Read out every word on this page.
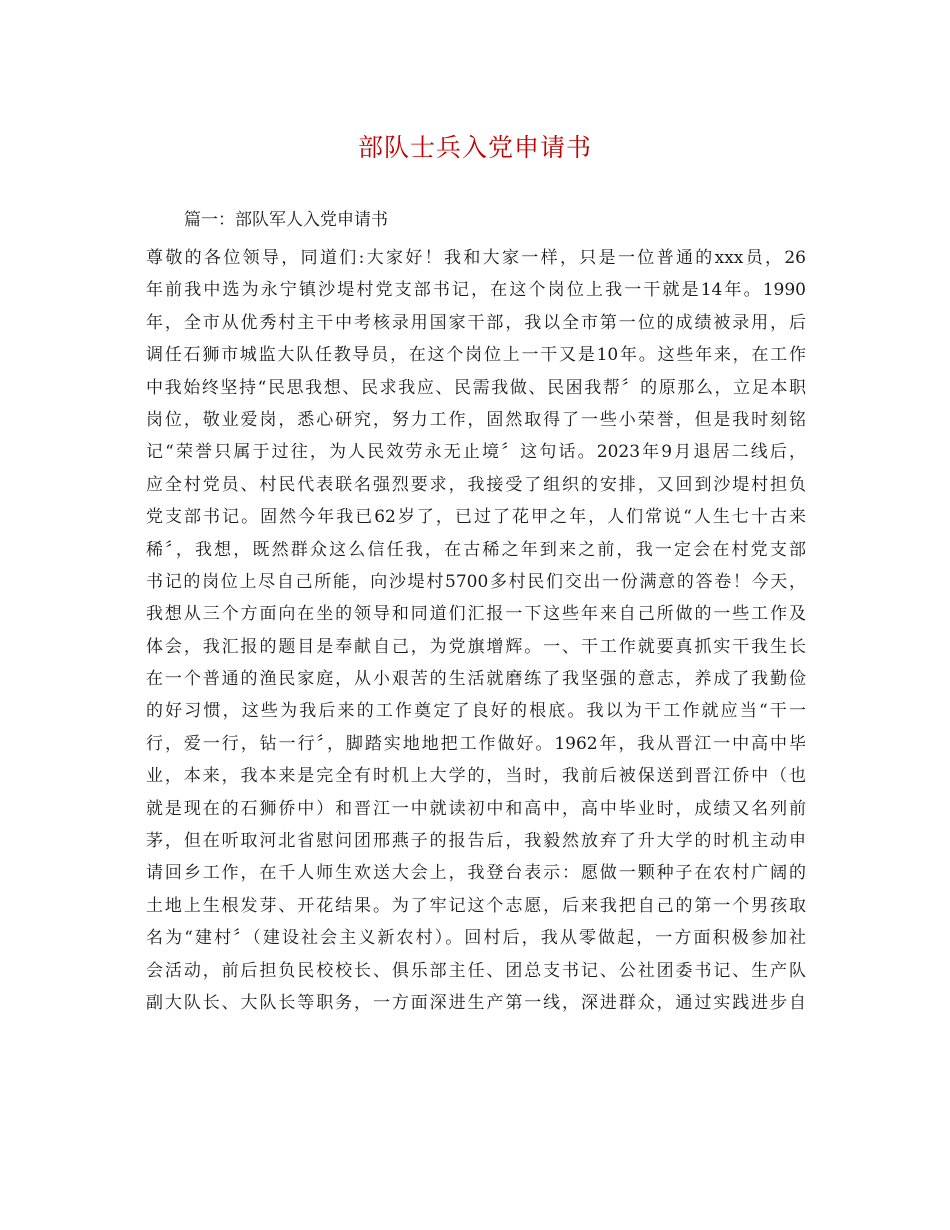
部队士兵入党申请书

篇一：部队军人入党申请书

尊敬的各位领导，同道们:大家好！我和大家一样，只是一位普通的xxx员，26
年前我中选为永宁镇沙堤村党支部书记，在这个岗位上我一干就是14年。1990
年，全市从优秀村主干中考核录用国家干部，我以全市第一位的成绩被录用，后
调任石狮市城监大队任教导员，在这个岗位上一干又是10年。这些年来，在工作
中我始终坚持“民思我想、民求我应、民需我做、民困我帮〞的原那么，立足本职
岗位，敬业爱岗，悉心研究，努力工作，固然取得了一些小荣誉，但是我时刻铭
记“荣誉只属于过往，为人民效劳永无止境〞这句话。2023年9月退居二线后，
应全村党员、村民代表联名强烈要求，我接受了组织的安排，又回到沙堤村担负
党支部书记。固然今年我已62岁了，已过了花甲之年，人们常说“人生七十古来
稀〞，我想，既然群众这么信任我，在古稀之年到来之前，我一定会在村党支部
书记的岗位上尽自己所能，向沙堤村5700多村民们交出一份满意的答卷！今天，
我想从三个方面向在坐的领导和同道们汇报一下这些年来自己所做的一些工作及
体会，我汇报的题目是奉献自己，为党旗增辉。一、干工作就要真抓实干我生长
在一个普通的渔民家庭，从小艰苦的生活就磨练了我坚强的意志，养成了我勤俭
的好习惯，这些为我后来的工作奠定了良好的根底。我以为干工作就应当“干一
行，爱一行，钻一行〞，脚踏实地地把工作做好。1962年，我从晋江一中高中毕
业，本来，我本来是完全有时机上大学的，当时，我前后被保送到晋江侨中（也
就是现在的石狮侨中）和晋江一中就读初中和高中，高中毕业时，成绩又名列前
茅，但在听取河北省慰问团邢燕子的报告后，我毅然放弃了升大学的时机主动申
请回乡工作，在千人师生欢送大会上，我登台表示：愿做一颗种子在农村广阔的
土地上生根发芽、开花结果。为了牢记这个志愿，后来我把自己的第一个男孩取
名为“建村〞（建设社会主义新农村）。回村后，我从零做起，一方面积极参加社
会活动，前后担负民校校长、俱乐部主任、团总支书记、公社团委书记、生产队
副大队长、大队长等职务，一方面深进生产第一线，深进群众，通过实践进步自
